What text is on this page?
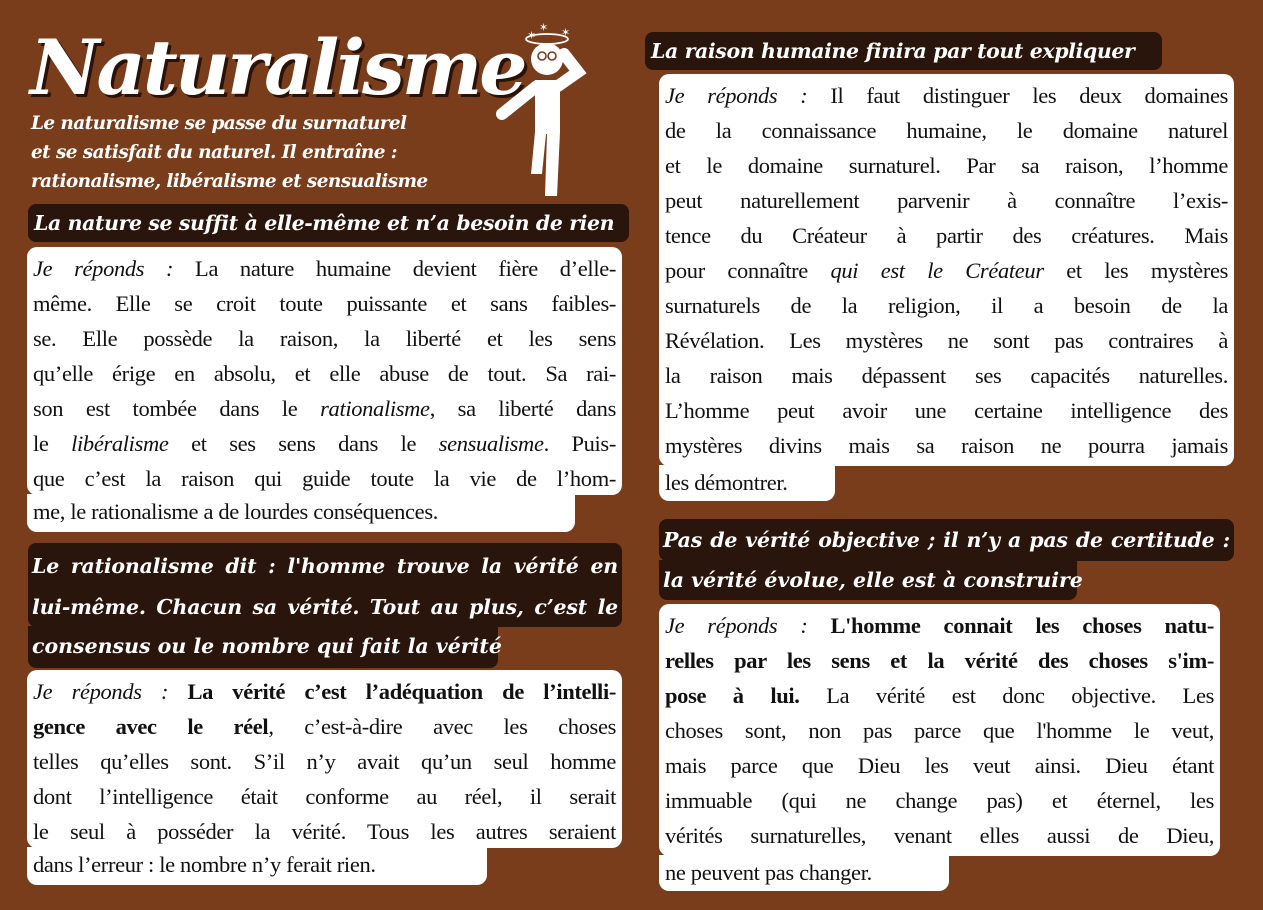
Naturalisme
Le naturalisme se passe du surnaturel
et se satisfait du naturel. Il entraîne :
rationalisme, libéralisme et sensualisme
✶
✶ ✶
La nature se suffit à elle-même et n’a besoin de rien
Je réponds : La nature humaine devient fière d’elle-
même. Elle se croit toute puissante et sans faibles-
se. Elle possède la raison, la liberté et les sens
qu’elle érige en absolu, et elle abuse de tout. Sa rai-
son est tombée dans le rationalisme, sa liberté dans
le libéralisme et ses sens dans le sensualisme. Puis-
que c’est la raison qui guide toute la vie de l’hom-
me, le rationalisme a de lourdes conséquences.
Le rationalisme dit : l'homme trouve la vérité en
lui-même. Chacun sa vérité. Tout au plus, c’est le
consensus ou le nombre qui fait la vérité
Je réponds : La vérité c’est l’adéquation de l’intelli-
gence avec le réel, c’est-à-dire avec les choses
telles qu’elles sont. S’il n’y avait qu’un seul homme
dont l’intelligence était conforme au réel, il serait
le seul à posséder la vérité. Tous les autres seraient
dans l’erreur : le nombre n’y ferait rien.
La raison humaine finira par tout expliquer
Je réponds : Il faut distinguer les deux domaines
de la connaissance humaine, le domaine naturel
et le domaine surnaturel. Par sa raison, l’homme
peut naturellement parvenir à connaître l’exis-
tence du Créateur à partir des créatures. Mais
pour connaître qui est le Créateur et les mystères
surnaturels de la religion, il a besoin de la
Révélation. Les mystères ne sont pas contraires à
la raison mais dépassent ses capacités naturelles.
L’homme peut avoir une certaine intelligence des
mystères divins mais sa raison ne pourra jamais
les démontrer.
Pas de vérité objective ; il n’y a pas de certitude :
la vérité évolue, elle est à construire
Je réponds : L'homme connait les choses natu-
relles par les sens et la vérité des choses s'im-
pose à lui. La vérité est donc objective. Les
choses sont, non pas parce que l'homme le veut,
mais parce que Dieu les veut ainsi. Dieu étant
immuable (qui ne change pas) et éternel, les
vérités surnaturelles, venant elles aussi de Dieu,
ne peuvent pas changer.
